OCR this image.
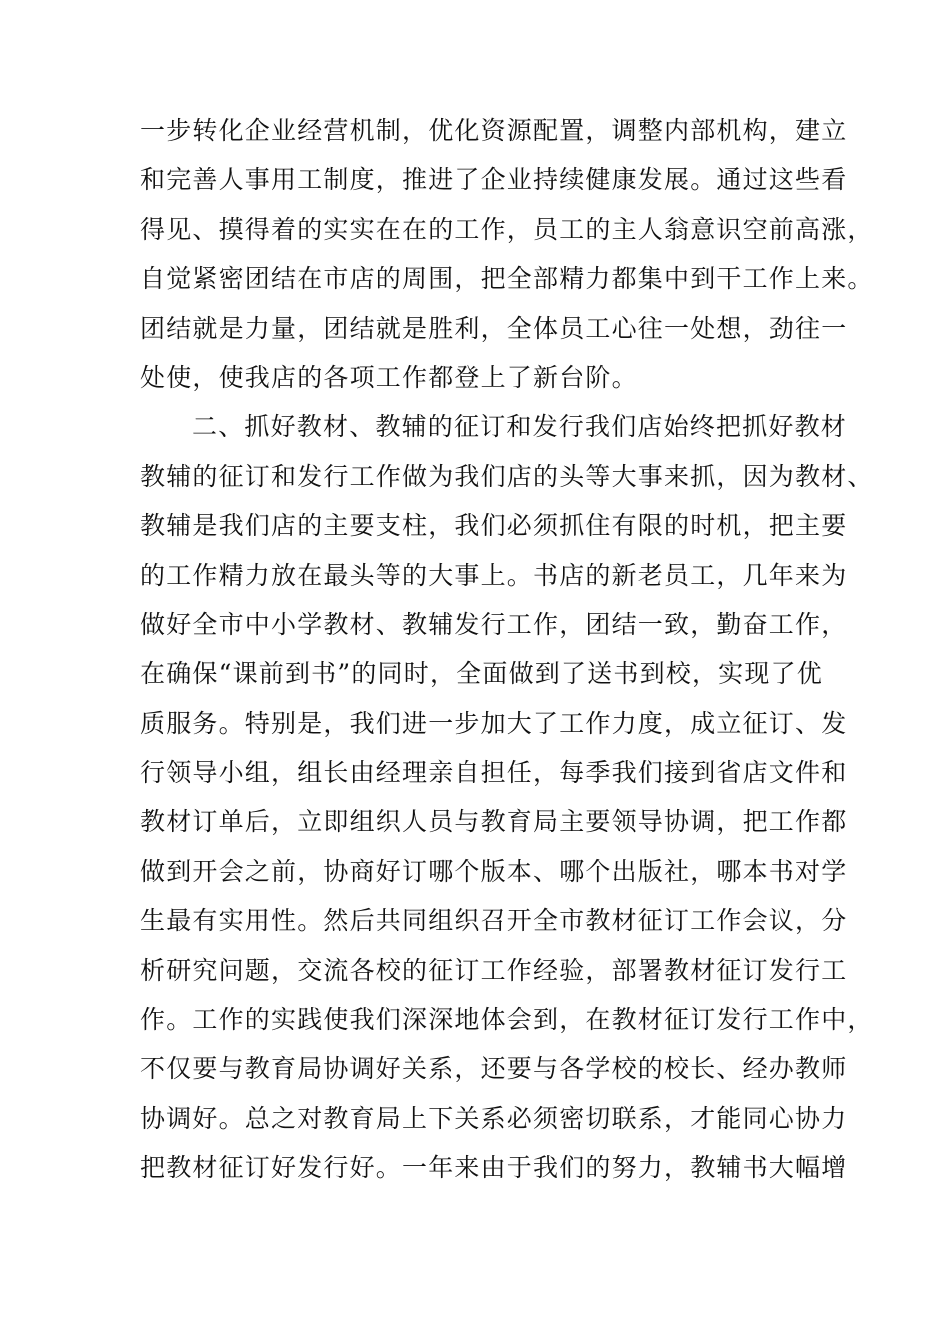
一步转化企业经营机制，优化资源配置，调整内部机构，建立
和完善人事用工制度，推进了企业持续健康发展。通过这些看
得见、摸得着的实实在在的工作，员工的主人翁意识空前高涨，
自觉紧密团结在市店的周围，把全部精力都集中到干工作上来。
团结就是力量，团结就是胜利，全体员工心往一处想，劲往一
处使，使我店的各项工作都登上了新台阶。
二、抓好教材、教辅的征订和发行我们店始终把抓好教材
教辅的征订和发行工作做为我们店的头等大事来抓，因为教材、
教辅是我们店的主要支柱，我们必须抓住有限的时机，把主要
的工作精力放在最头等的大事上。书店的新老员工，几年来为
做好全市中小学教材、教辅发行工作，团结一致，勤奋工作，
在确保“课前到书”的同时，全面做到了送书到校，实现了优
质服务。特别是，我们进一步加大了工作力度，成立征订、发
行领导小组，组长由经理亲自担任，每季我们接到省店文件和
教材订单后，立即组织人员与教育局主要领导协调，把工作都
做到开会之前，协商好订哪个版本、哪个出版社，哪本书对学
生最有实用性。然后共同组织召开全市教材征订工作会议，分
析研究问题，交流各校的征订工作经验，部署教材征订发行工
作。工作的实践使我们深深地体会到，在教材征订发行工作中，
不仅要与教育局协调好关系，还要与各学校的校长、经办教师
协调好。总之对教育局上下关系必须密切联系，才能同心协力
把教材征订好发行好。一年来由于我们的努力，教辅书大幅增
